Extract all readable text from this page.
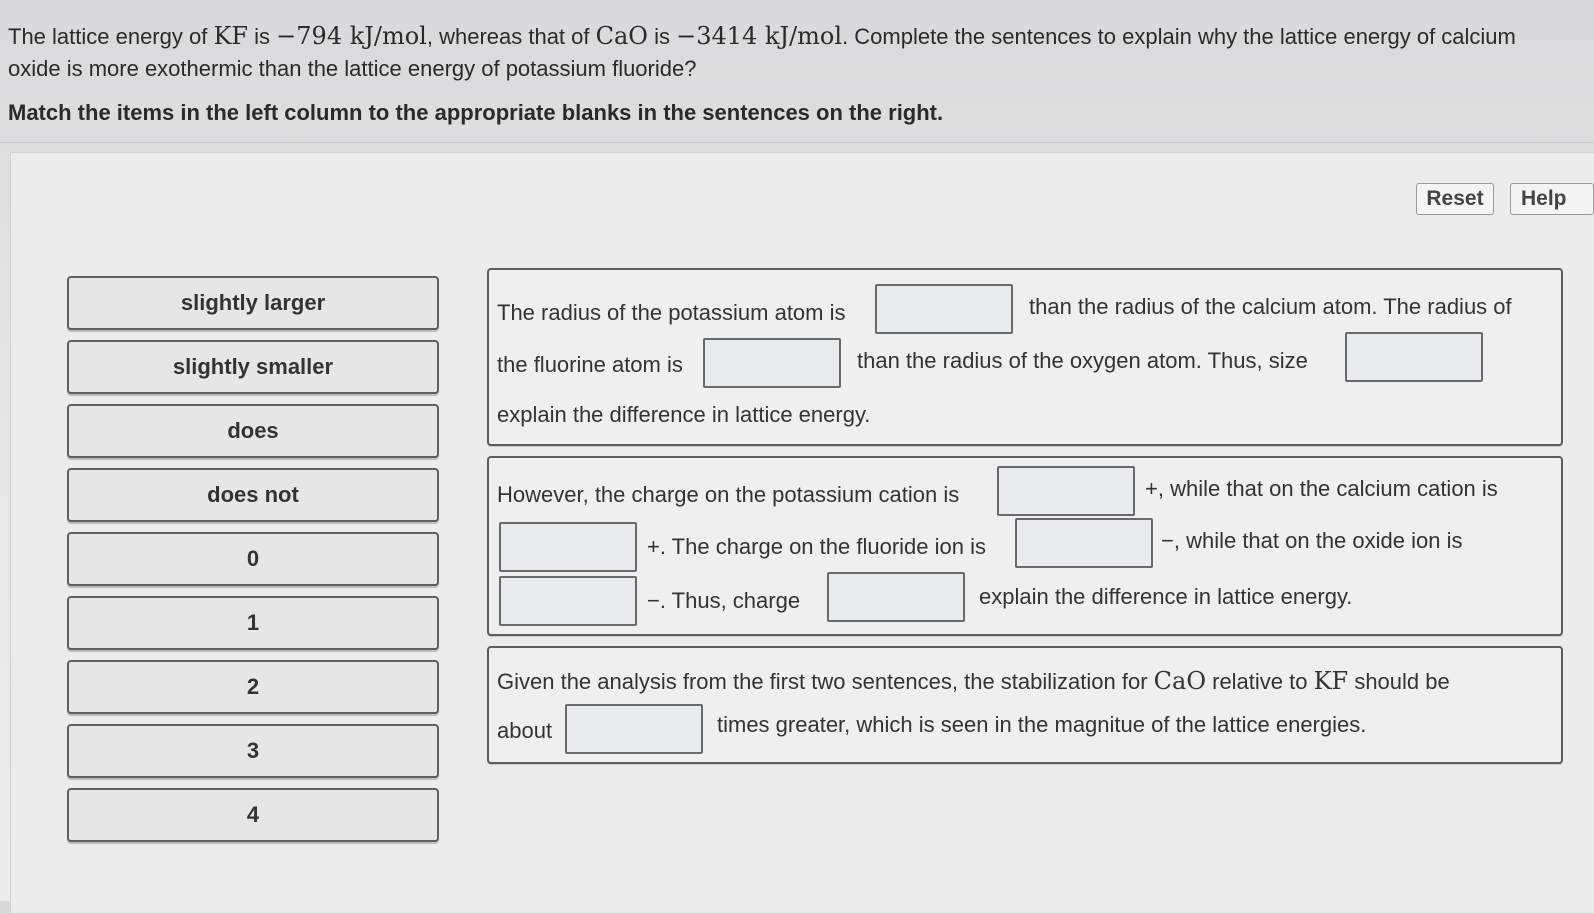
The lattice energy of KF is −794 kJ/mol, whereas that of CaO is −3414 kJ/mol. Complete the sentences to explain why the lattice energy of calcium oxide is more exothermic than the lattice energy of potassium fluoride?
Match the items in the left column to the appropriate blanks in the sentences on the right.
Reset	Help
slightly larger
slightly smaller
does
does not
0
1
2
3
4
The radius of the potassium atom is	than the radius of the calcium atom. The radius of
the fluorine atom is	than the radius of the oxygen atom. Thus, size
explain the difference in lattice energy.
However, the charge on the potassium cation is	+, while that on the calcium cation is
+. The charge on the fluoride ion is	−, while that on the oxide ion is
−. Thus, charge	explain the difference in lattice energy.
Given the analysis from the first two sentences, the stabilization for CaO relative to KF should be
about	times greater, which is seen in the magnitue of the lattice energies.
